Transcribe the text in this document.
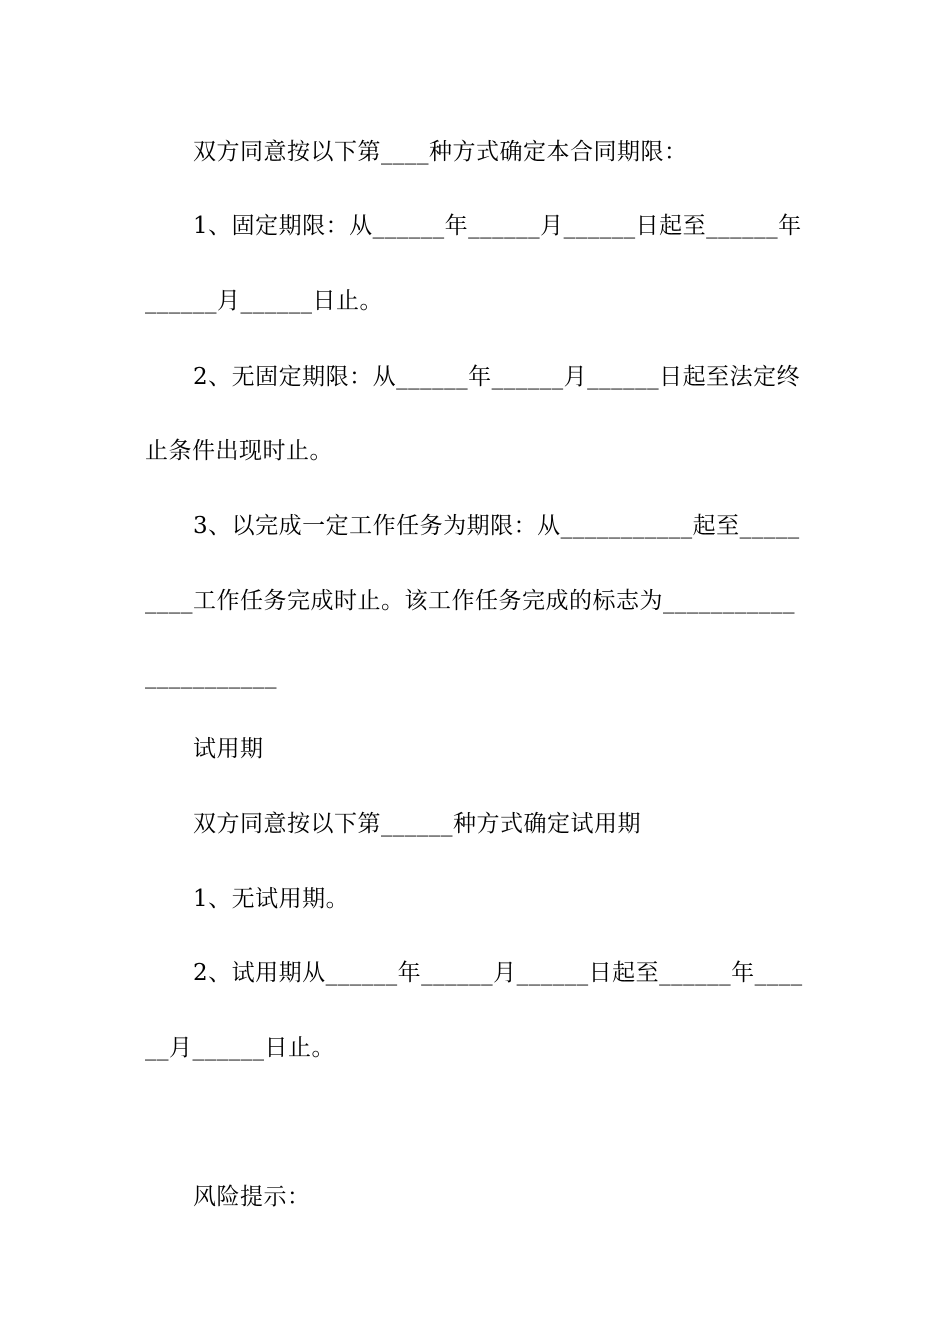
双方同意按以下第____种方式确定本合同期限：

1、固定期限：从______年______月______日起至______年

______月______日止。

2、无固定期限：从______年______月______日起至法定终

止条件出现时止。

3、以完成一定工作任务为期限：从___________起至_____

____工作任务完成时止。该工作任务完成的标志为___________

___________

试用期

双方同意按以下第______种方式确定试用期

1、无试用期。

2、试用期从______年______月______日起至______年____

__月______日止。

风险提示：
